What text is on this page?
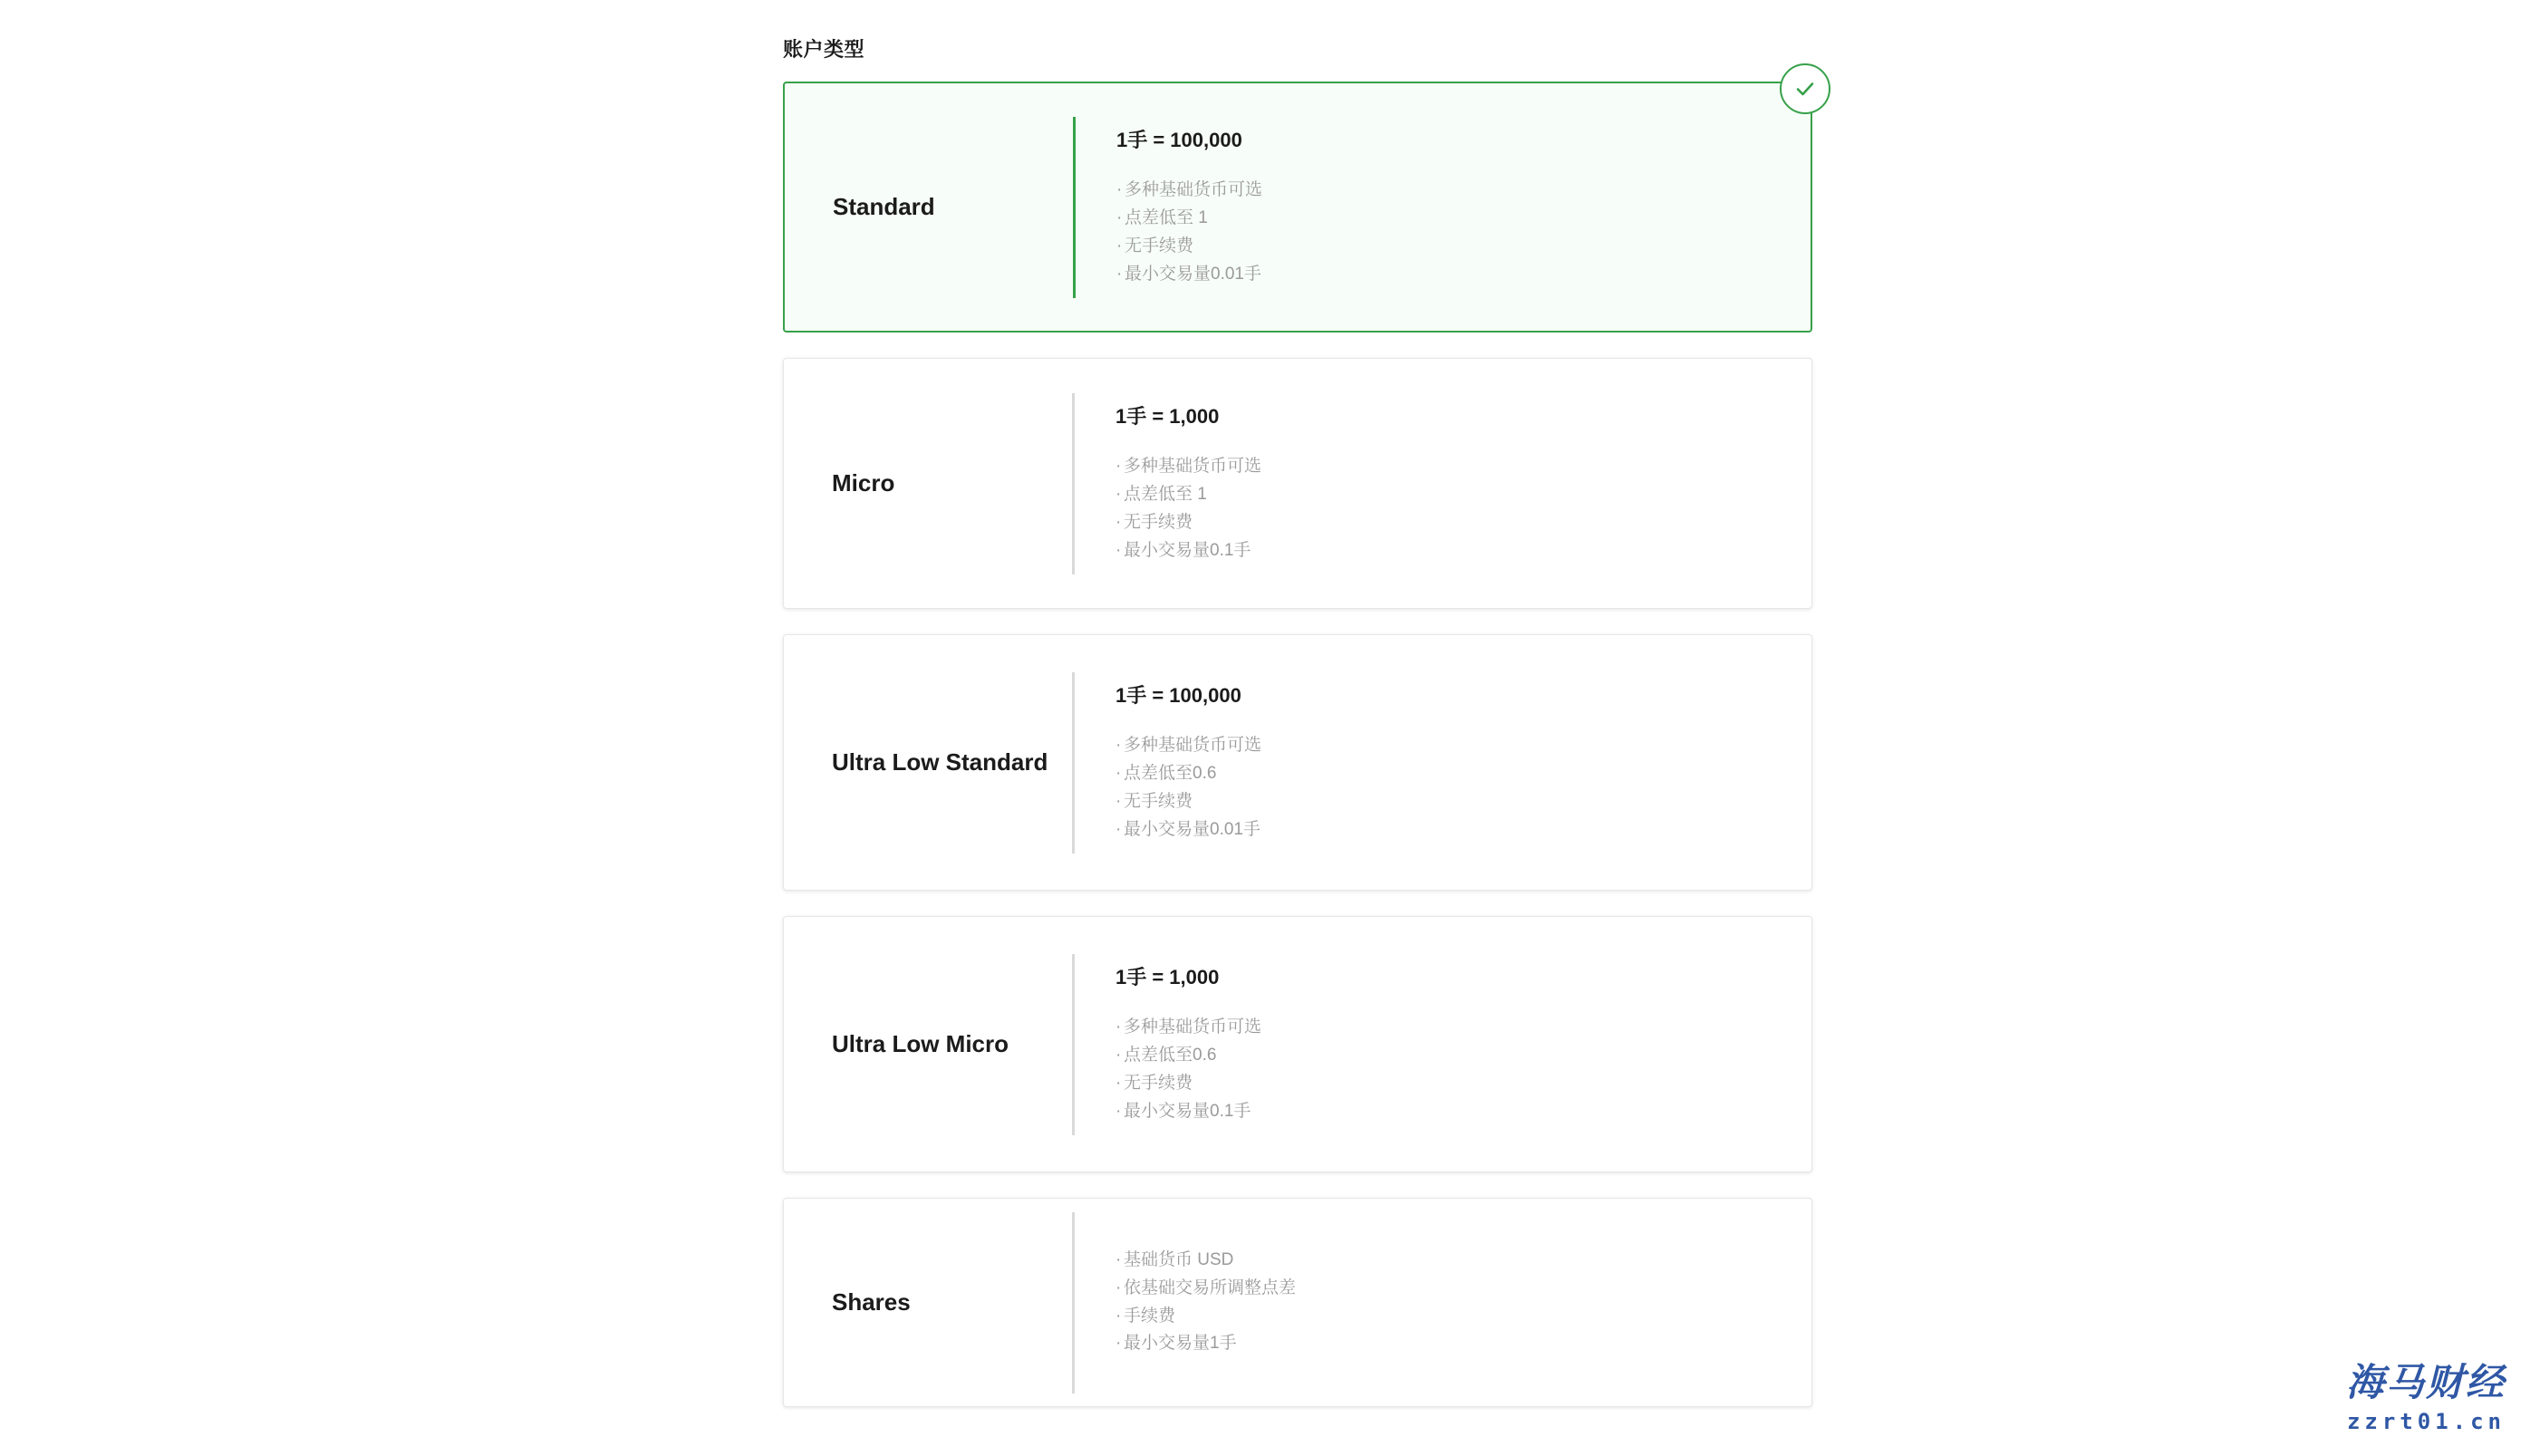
账户类型
Standard
1手 = 100,000
· 多种基础货币可选
· 点差低至 1
· 无手续费
· 最小交易量0.01手
Micro
1手 = 1,000
· 多种基础货币可选
· 点差低至 1
· 无手续费
· 最小交易量0.1手
Ultra Low Standard
1手 = 100,000
· 多种基础货币可选
· 点差低至0.6
· 无手续费
· 最小交易量0.01手
Ultra Low Micro
1手 = 1,000
· 多种基础货币可选
· 点差低至0.6
· 无手续费
· 最小交易量0.1手
Shares
· 基础货币 USD
· 依基础交易所调整点差
· 手续费
· 最小交易量1手
海马财经
zzrt01.cn
